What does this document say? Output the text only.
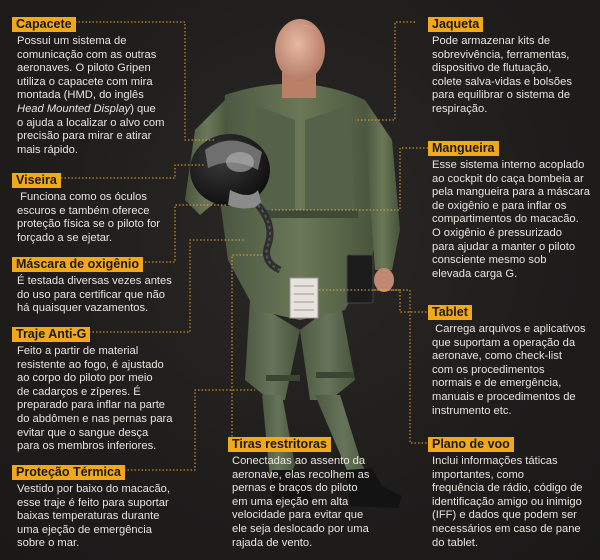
Capacete
Possui um sistema de
comunicação com as outras
aeronaves. O piloto Gripen
utiliza o capacete com mira
montada (HMD, do inglês
Head Mounted Display) que
o ajuda a localizar o alvo com
precisão para mirar e atirar
mais rápido.
Viseira
Funciona como os óculos
escuros e também oferece
proteção física se o piloto for
forçado a se ejetar.
Máscara de oxigênio
É testada diversas vezes antes
do uso para certificar que não
há quaisquer vazamentos.
Traje Anti-G
Feito a partir de material
resistente ao fogo, é ajustado
ao corpo do piloto por meio
de cadarços e zíperes. É
preparado para inflar na parte
do abdômen e nas pernas para
evitar que o sangue desça
para os membros inferiores.
Proteção Térmica
Vestido por baixo do macacão,
esse traje é feito para suportar
baixas temperaturas durante
uma ejeção de emergência
sobre o mar.
Tiras restritoras
Conectadas ao assento da
aeronave, elas recolhem as
pernas e braços do piloto
em uma ejeção em alta
velocidade para evitar que
ele seja deslocado por uma
rajada de vento.
Jaqueta
Pode armazenar kits de
sobrevivência, ferramentas,
dispositivo de flutuação,
colete salva-vidas e bolsões
para equilibrar o sistema de
respiração.
Mangueira
Esse sistema interno acoplado
ao cockpit do caça bombeia ar
pela mangueira para a máscara
de oxigênio e para inflar os
compartimentos do macacão.
O oxigênio é pressurizado
para ajudar a manter o piloto
consciente mesmo sob
elevada carga G.
Tablet
Carrega arquivos e aplicativos
que suportam a operação da
aeronave, como check-list
com os procedimentos
normais e de emergência,
manuais e procedimentos de
instrumento etc.
Plano de voo
Inclui informações táticas
importantes, como
frequência de rádio, código de
identificação amigo ou inimigo
(IFF) e dados que podem ser
necessários em caso de pane
do tablet.
